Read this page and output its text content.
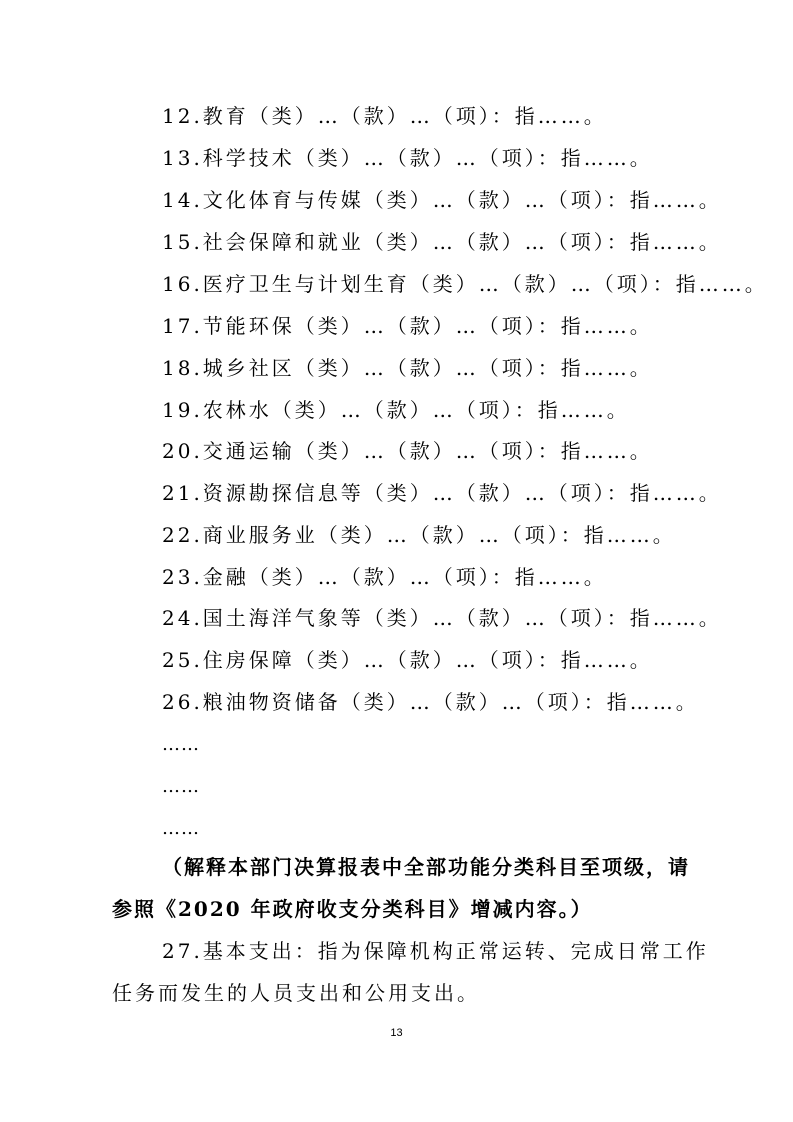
12.教育（类）…（款）…（项）：指……。
13.科学技术（类）…（款）…（项）：指……。
14.文化体育与传媒（类）…（款）…（项）：指……。
15.社会保障和就业（类）…（款）…（项）：指……。
16.医疗卫生与计划生育（类）…（款）…（项）：指……。
17.节能环保（类）…（款）…（项）：指……。
18.城乡社区（类）…（款）…（项）：指……。
19.农林水（类）…（款）…（项）：指……。
20.交通运输（类）…（款）…（项）：指……。
21.资源勘探信息等（类）…（款）…（项）：指……。
22.商业服务业（类）…（款）…（项）：指……。
23.金融（类）…（款）…（项）：指……。
24.国土海洋气象等（类）…（款）…（项）：指……。
25.住房保障（类）…（款）…（项）：指……。
26.粮油物资储备（类）…（款）…（项）：指……。
……
……
……
（解释本部门决算报表中全部功能分类科目至项级，请
参照《2020 年政府收支分类科目》增减内容。）
27.基本支出：指为保障机构正常运转、完成日常工作
任务而发生的人员支出和公用支出。
13
